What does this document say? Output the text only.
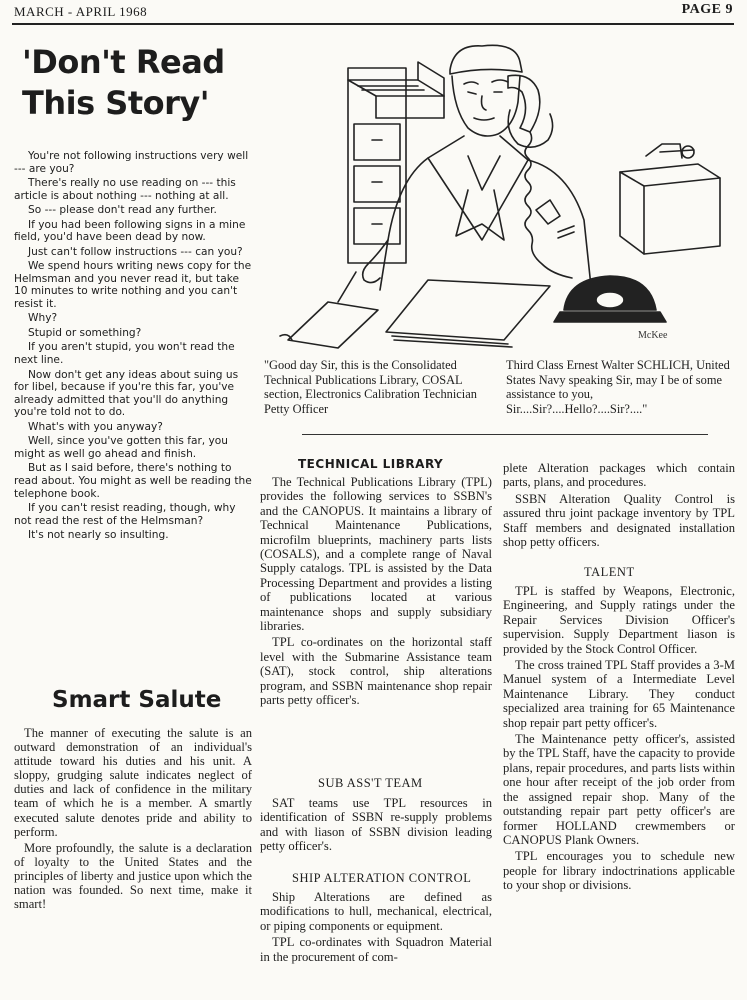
MARCH - APRIL 1968	PAGE 9
'Don't Read
This Story'

You're not following instructions very well --- are you?

There's really no use reading on --- this article is about nothing --- nothing at all.

So --- please don't read any further.

If you had been following signs in a mine field, you'd have been dead by now.

Just can't follow instructions --- can you?

We spend hours writing news copy for the Helmsman and you never read it, but take 10 minutes to write nothing and you can't resist it.

Why?

Stupid or something?

If you aren't stupid, you won't read the next line.

Now don't get any ideas about suing us for libel, because if you're this far, you've already admitted that you'll do anything you're told not to do.

What's with you anyway?

Well, since you've gotten this far, you might as well go ahead and finish.

But as I said before, there's nothing to read about. You might as well be reading the telephone book.

If you can't resist reading, though, why not read the rest of the Helmsman?

It's not nearly so insulting.

Smart Salute

The manner of executing the salute is an outward demonstration of an individual's attitude toward his duties and his unit. A sloppy, grudging salute indicates neglect of duties and lack of confidence in the military team of which he is a member. A smartly executed salute denotes pride and ability to perform.

More profoundly, the salute is a declaration of loyalty to the United States and the principles of liberty and justice upon which the nation was founded. So next time, make it smart!

McKee
"Good day Sir, this is the Consolidated Technical Publications Library, COSAL section, Electronics Calibration Technician Petty Officer
Third Class Ernest Walter SCHLICH, United States Navy speaking Sir, may I be of some assistance to you, Sir....Sir?....Hello?....Sir?...."
TECHNICAL LIBRARY

The Technical Publications Library (TPL) provides the following services to SSBN's and the CANOPUS. It maintains a library of Technical Maintenance Publications, microfilm blueprints, machinery parts lists (COSALS), and a complete range of Naval Supply catalogs. TPL is assisted by the Data Processing Department and provides a listing of publications located at various maintenance shops and supply subsidiary libraries.

TPL co-ordinates on the horizontal staff level with the Submarine Assistance team (SAT), stock control, ship alterations program, and SSBN maintenance shop repair parts petty officer's.

SUB ASS'T TEAM

SAT teams use TPL resources in identification of SSBN re-supply problems and with liason of SSBN division leading petty officer's.

SHIP ALTERATION CONTROL

Ship Alterations are defined as modifications to hull, mechanical, electrical, or piping components or equipment.

TPL co-ordinates with Squadron Material in the procurement of com-

plete Alteration packages which contain parts, plans, and procedures.

SSBN Alteration Quality Control is assured thru joint package inventory by TPL Staff members and designated installation shop petty officers.

TALENT

TPL is staffed by Weapons, Electronic, Engineering, and Supply ratings under the Repair Services Division Officer's supervision. Supply Department liason is provided by the Stock Control Officer.

The cross trained TPL Staff provides a 3-M Manuel system of a Intermediate Level Maintenance Library. They conduct specialized area training for 65 Maintenance shop repair part petty officer's.

The Maintenance petty officer's, assisted by the TPL Staff, have the capacity to provide plans, repair procedures, and parts lists within one hour after receipt of the job order from the assigned repair shop. Many of the outstanding repair part petty officer's are former HOLLAND crewmembers or CANOPUS Plank Owners.

TPL encourages you to schedule new people for library indoctrinations applicable to your shop or divisions.
